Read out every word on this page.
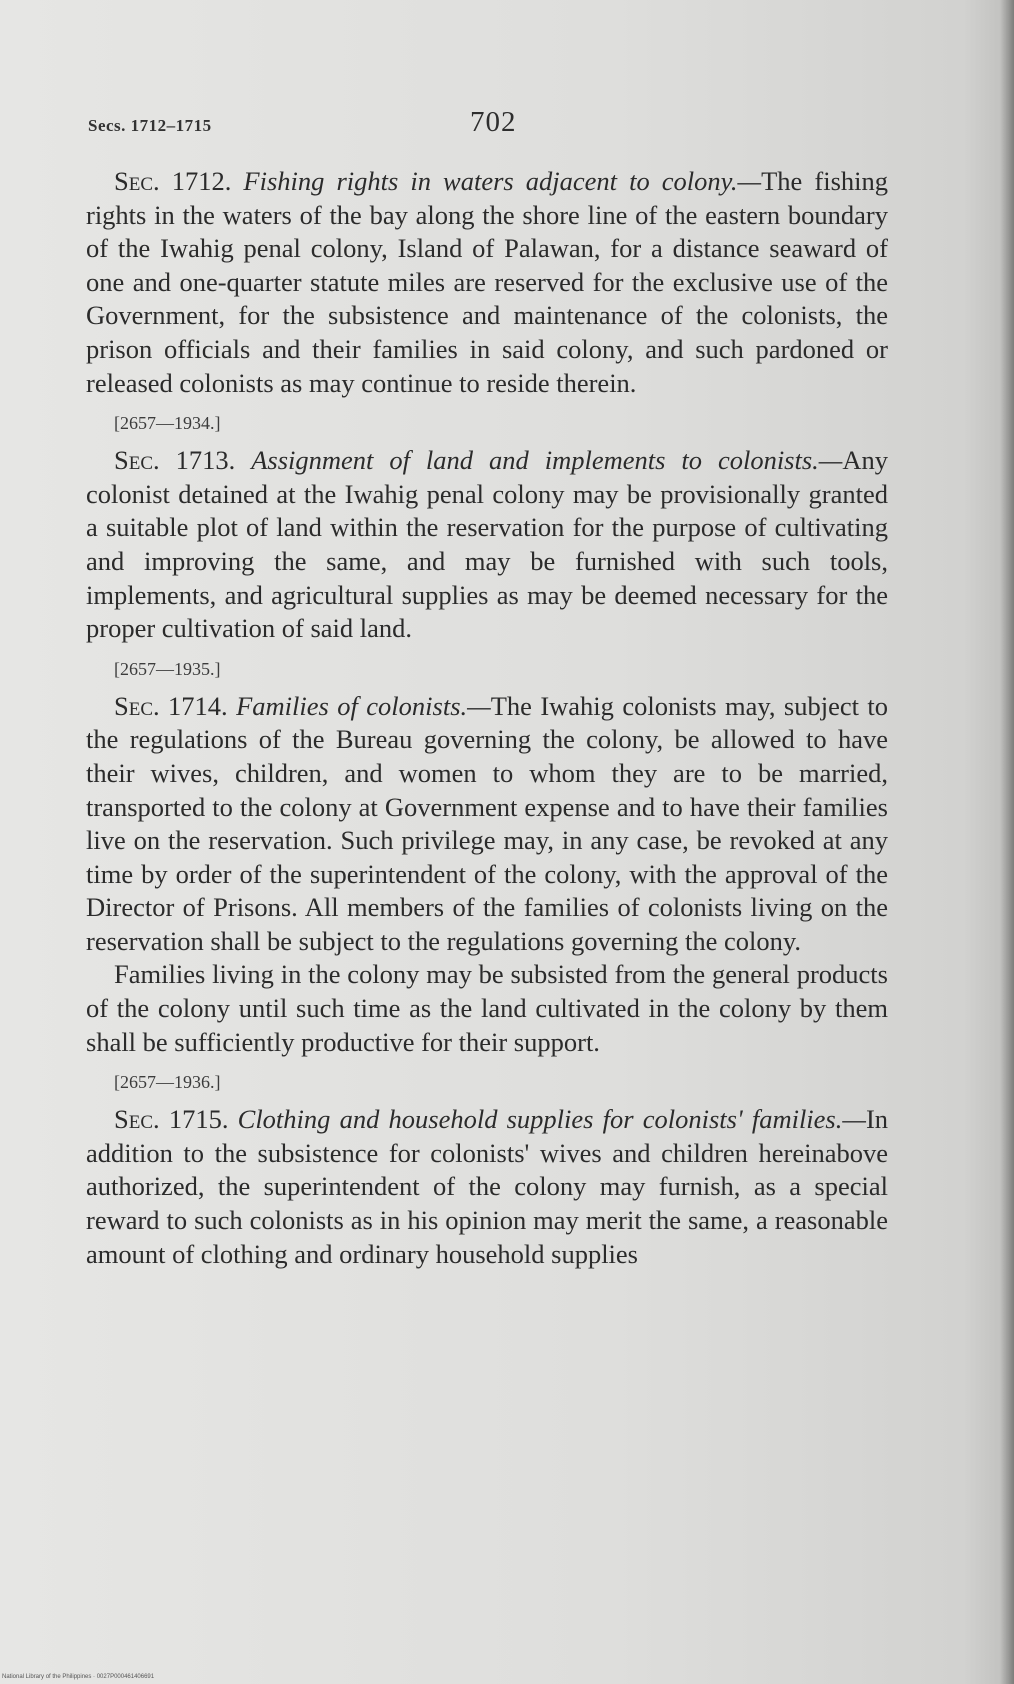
Secs. 1712–1715	702

Sec. 1712. Fishing rights in waters adjacent to colony.—The fishing rights in the waters of the bay along the shore line of the eastern boundary of the Iwahig penal colony, Island of Palawan, for a distance seaward of one and one-quarter statute miles are reserved for the exclusive use of the Government, for the subsistence and maintenance of the colonists, the prison officials and their families in said colony, and such pardoned or released colonists as may continue to reside therein.

[2657—1934.]

Sec. 1713. Assignment of land and implements to colonists.—Any colonist detained at the Iwahig penal colony may be provisionally granted a suitable plot of land within the reservation for the purpose of cultivating and improving the same, and may be furnished with such tools, implements, and agricultural supplies as may be deemed necessary for the proper cultivation of said land.

[2657—1935.]

Sec. 1714. Families of colonists.—The Iwahig colonists may, subject to the regulations of the Bureau governing the colony, be allowed to have their wives, children, and women to whom they are to be married, transported to the colony at Government expense and to have their families live on the reservation. Such privilege may, in any case, be revoked at any time by order of the superintendent of the colony, with the approval of the Director of Prisons. All members of the families of colonists living on the reservation shall be subject to the regulations governing the colony.

Families living in the colony may be subsisted from the general products of the colony until such time as the land cultivated in the colony by them shall be sufficiently productive for their support.

[2657—1936.]

Sec. 1715. Clothing and household supplies for colonists' families.—In addition to the subsistence for colonists' wives and children hereinabove authorized, the superintendent of the colony may furnish, as a special reward to such colonists as in his opinion may merit the same, a reasonable amount of clothing and ordinary household supplies

National Library of the Philippines · 0027P000461406691
